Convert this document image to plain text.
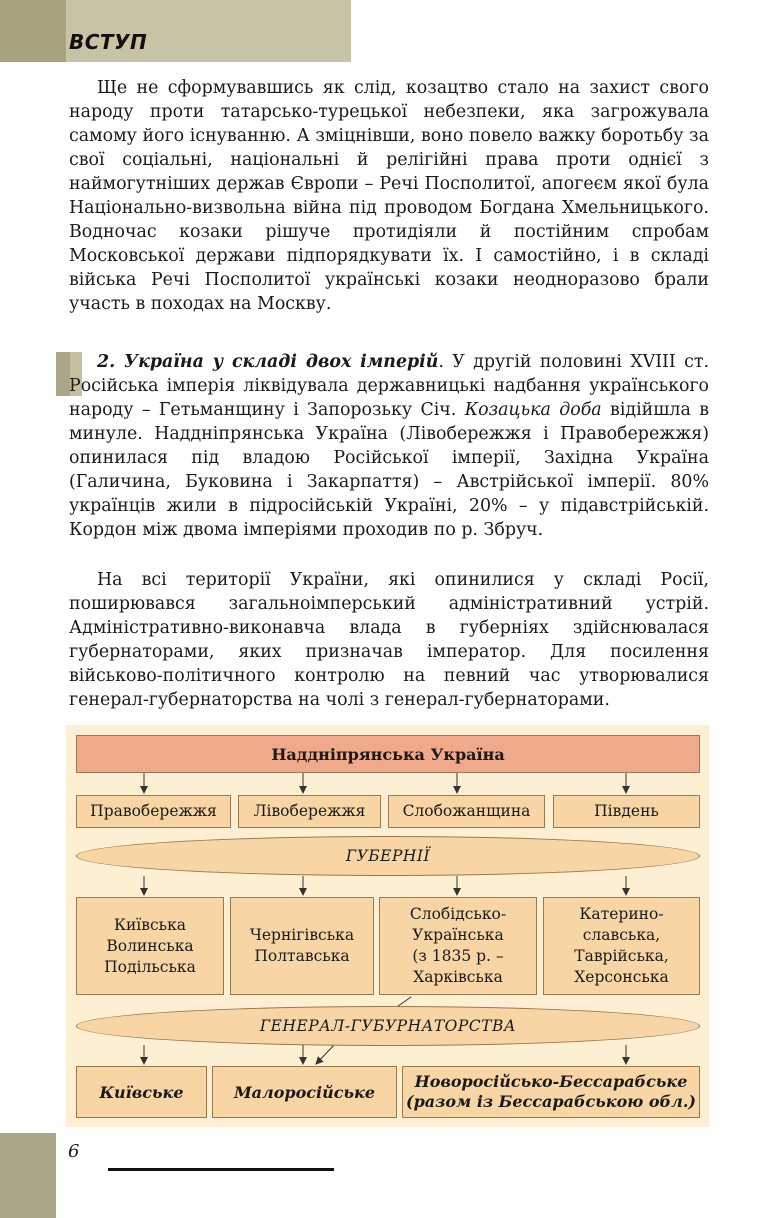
ВСТУП

Ще не сформувавшись як слід, козацтво стало на захист свого народу проти татарсько-турецької небезпеки, яка загрожувала самому його існуванню. А зміцнівши, воно повело важку боротьбу за свої соціальні, національні й релігійні права проти однієї з наймогутніших держав Європи – Речі Посполитої, апогеєм якої була Національно-визвольна війна під проводом Богдана Хмельницького. Водночас козаки рішуче протидіяли й постійним спробам Московської держави підпорядкувати їх. І самостійно, і в складі війська Речі Посполитої українські козаки неодноразово брали участь в походах на Москву.

2. Україна у складі двох імперій. У другій половині XVIII ст. Російська імперія ліквідувала державницькі надбання українського народу – Гетьманщину і Запорозьку Січ. Козацька доба відійшла в минуле. Наддніпрянська Україна (Лівобережжя і Правобережжя) опинилася під владою Російської імперії, Західна Україна (Галичина, Буковина і Закарпаття) – Австрійської імперії. 80% українців жили в підросійській Україні, 20% – у підавстрійській. Кордон між двома імперіями проходив по р. Збруч.

На всі території України, які опинилися у складі Росії, поширювався загальноімперський адміністративний устрій. Адміністративно-виконавча влада в губерніях здійснювалася губернаторами, яких призначав імператор. Для посилення військово-політичного контролю на певний час утворювалися генерал-губернаторства на чолі з генерал-губернаторами.

Наддніпрянська Україна
Правобережжя	Лівобережжя	Слобожанщина	Південь
ГУБЕРНІЇ
Київська
Волинська
Подільська
Чернігівська
Полтавська
Слобідсько-
Українська
(з 1835 р. –
Харківська
Катерино-
славська,
Таврійська,
Херсонська
ГЕНЕРАЛ-ГУБУРНАТОРСТВА
Київське	Малоросійське
Новоросійсько-Бессарабське
(разом із Бессарабською обл.)
6
